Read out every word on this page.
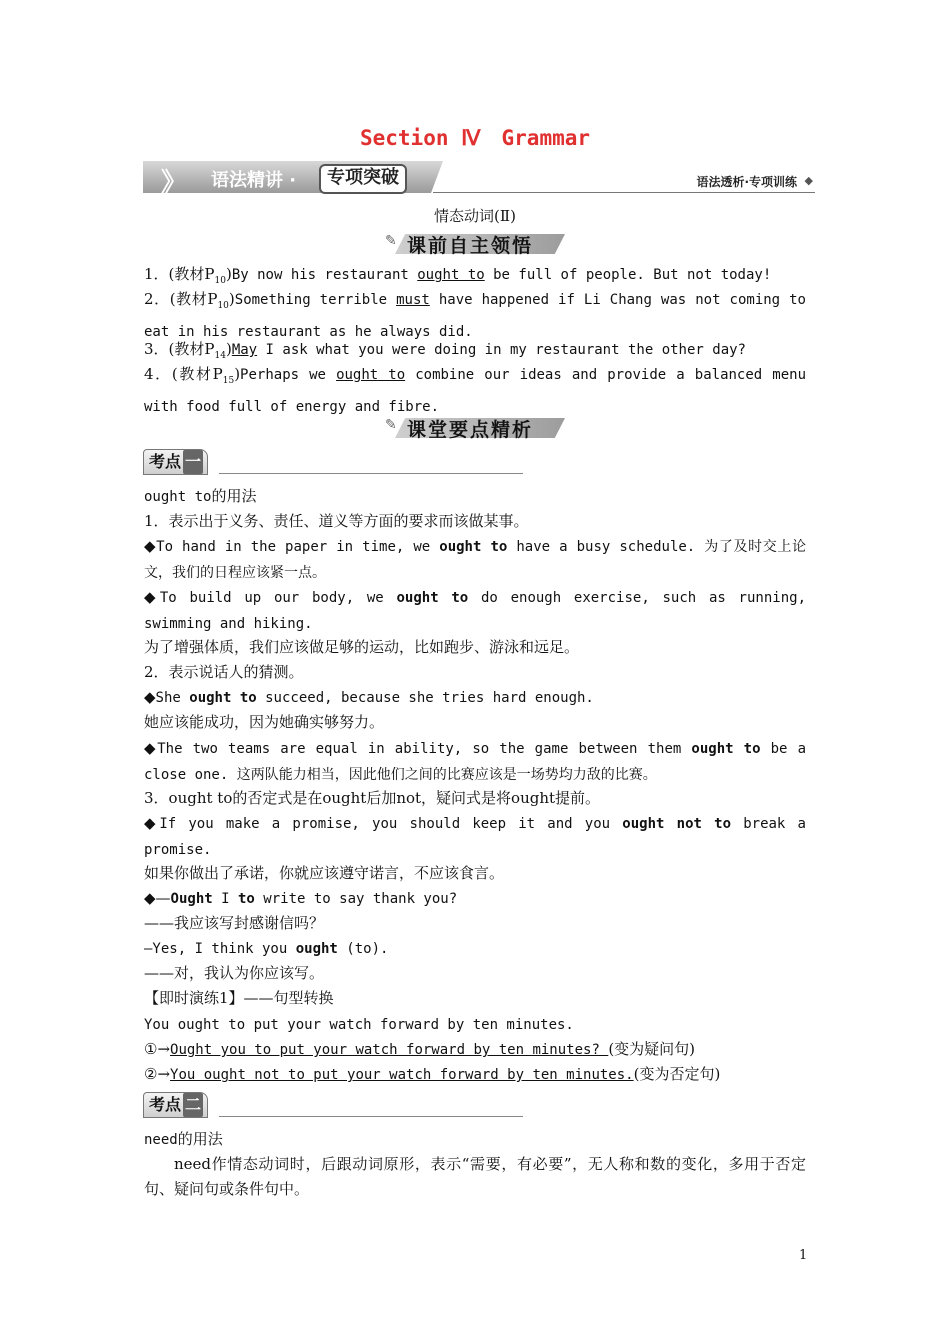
Section Ⅳ　Grammar
》 语法精讲 ·	专项突破	语法透析·专项训练 ◆
情态动词(Ⅱ)
✎ 课前自主领悟

1．(教材$P_{10})By$ now his restaurant ought to be full of people. But not today!

2．(教材$P_{10})Something$ terrible must have happened if Li Chang was not coming to eat in his restaurant as he always did.

3．(教材$P_{14})May$ I ask what you were doing in my restaurant the other day?

4．(教材$P_{15})Perhaps$ we ought to combine our ideas and provide a balanced menu with food full of energy and fibre.

✎ 课堂要点精析
考点 一

ought to的用法

1．表示出于义务、责任、道义等方面的要求而该做某事。

◆To hand in the paper in time, we ought to have a busy schedule. 为了及时交上论文，我们的日程应该紧一点。

◆To build up our body, we ought to do enough exercise, such as running, swimming and hiking.

为了增强体质，我们应该做足够的运动，比如跑步、游泳和远足。

2．表示说话人的猜测。

◆She ought to succeed, because she tries hard enough.

她应该能成功，因为她确实够努力。

◆The two teams are equal in ability, so the game between them ought to be a close one. 这两队能力相当，因此他们之间的比赛应该是一场势均力敌的比赛。

3．ought to的否定式是在ought后加not，疑问式是将ought提前。

◆If you make a promise, you should keep it and you ought not to break a promise.

如果你做出了承诺，你就应该遵守诺言，不应该食言。

◆—Ought I to write to say thank you?

——我应该写封感谢信吗？

—Yes, I think you ought (to).

——对，我认为你应该写。

【即时演练1】——句型转换

You ought to put your watch forward by ten minutes.

①→Ought you to put your watch forward by ten minutes? (变为疑问句)

②→You ought not to put your watch forward by ten minutes.(变为否定句)

考点 二

need的用法

need作情态动词时，后跟动词原形，表示“需要，有必要”，无人称和数的变化，多用于否定句、疑问句或条件句中。

1
